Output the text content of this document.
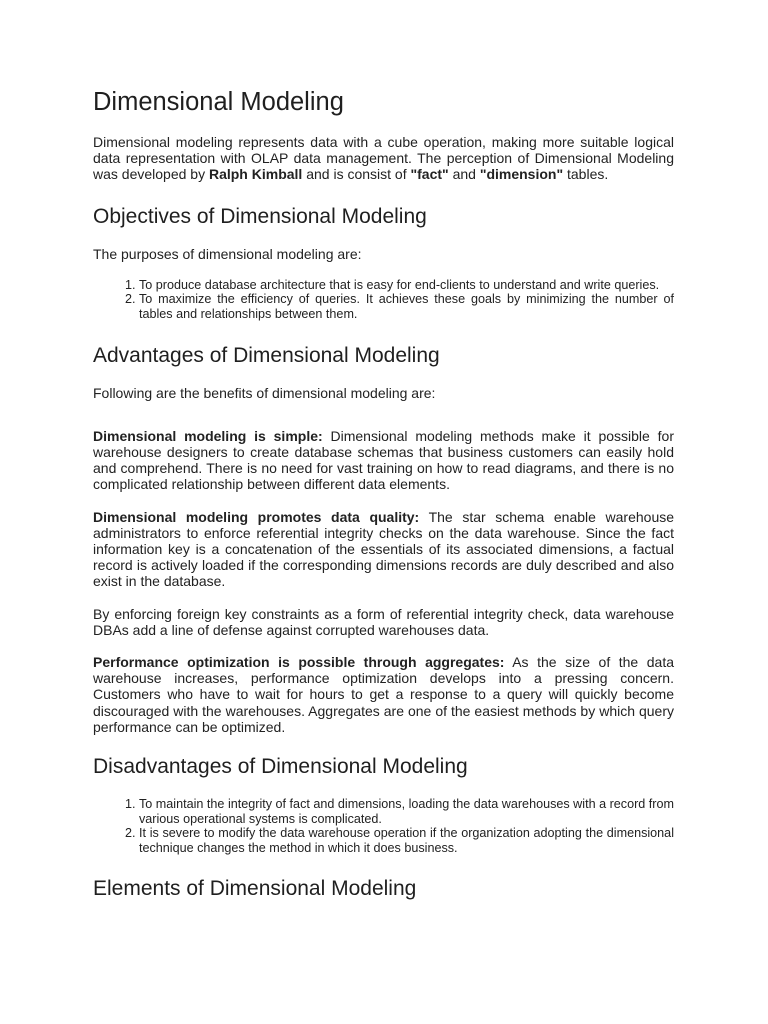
Dimensional Modeling

Dimensional modeling represents data with a cube operation, making more suitable logical data representation with OLAP data management. The perception of Dimensional Modeling was developed by Ralph Kimball and is consist of "fact" and "dimension" tables.

Objectives of Dimensional Modeling

The purposes of dimensional modeling are:

1. To produce database architecture that is easy for end-clients to understand and write queries.
2. To maximize the efficiency of queries. It achieves these goals by minimizing the number of tables and relationships between them.
Advantages of Dimensional Modeling

Following are the benefits of dimensional modeling are:

Dimensional modeling is simple: Dimensional modeling methods make it possible for warehouse designers to create database schemas that business customers can easily hold and comprehend. There is no need for vast training on how to read diagrams, and there is no complicated relationship between different data elements.

Dimensional modeling promotes data quality: The star schema enable warehouse administrators to enforce referential integrity checks on the data warehouse. Since the fact information key is a concatenation of the essentials of its associated dimensions, a factual record is actively loaded if the corresponding dimensions records are duly described and also exist in the database.

By enforcing foreign key constraints as a form of referential integrity check, data warehouse DBAs add a line of defense against corrupted warehouses data.

Performance optimization is possible through aggregates: As the size of the data warehouse increases, performance optimization develops into a pressing concern. Customers who have to wait for hours to get a response to a query will quickly become discouraged with the warehouses. Aggregates are one of the easiest methods by which query performance can be optimized.

Disadvantages of Dimensional Modeling
1. To maintain the integrity of fact and dimensions, loading the data warehouses with a record from various operational systems is complicated.
2. It is severe to modify the data warehouse operation if the organization adopting the dimensional technique changes the method in which it does business.
Elements of Dimensional Modeling
